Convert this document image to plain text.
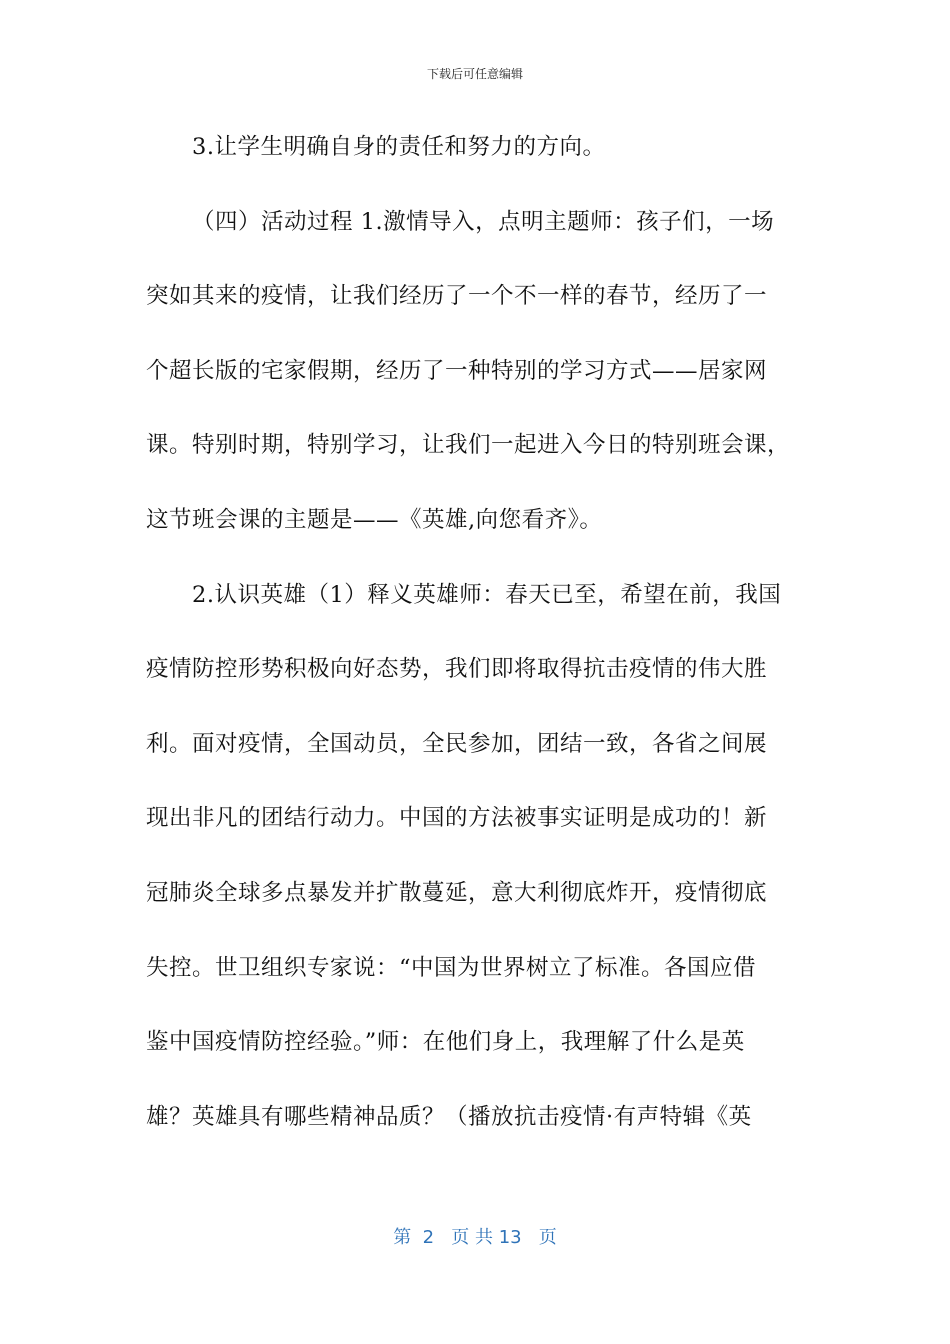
下载后可任意编辑
3.让学生明确自身的责任和努力的方向。
（四）活动过程 1.激情导入，点明主题师：孩子们，一场
突如其来的疫情，让我们经历了一个不一样的春节，经历了一
个超长版的宅家假期，经历了一种特别的学习方式——居家网
课。特别时期，特别学习，让我们一起进入今日的特别班会课，
这节班会课的主题是——《英雄,向您看齐》。
2.认识英雄（1）释义英雄师：春天已至，希望在前，我国
疫情防控形势积极向好态势，我们即将取得抗击疫情的伟大胜
利。面对疫情，全国动员，全民参加，团结一致，各省之间展
现出非凡的团结行动力。中国的方法被事实证明是成功的！新
冠肺炎全球多点暴发并扩散蔓延，意大利彻底炸开，疫情彻底
失控。世卫组织专家说：“中国为世界树立了标准。各国应借
鉴中国疫情防控经验。”师：在他们身上，我理解了什么是英
雄？英雄具有哪些精神品质？（播放抗击疫情·有声特辑《英
第  2   页 共 13   页
